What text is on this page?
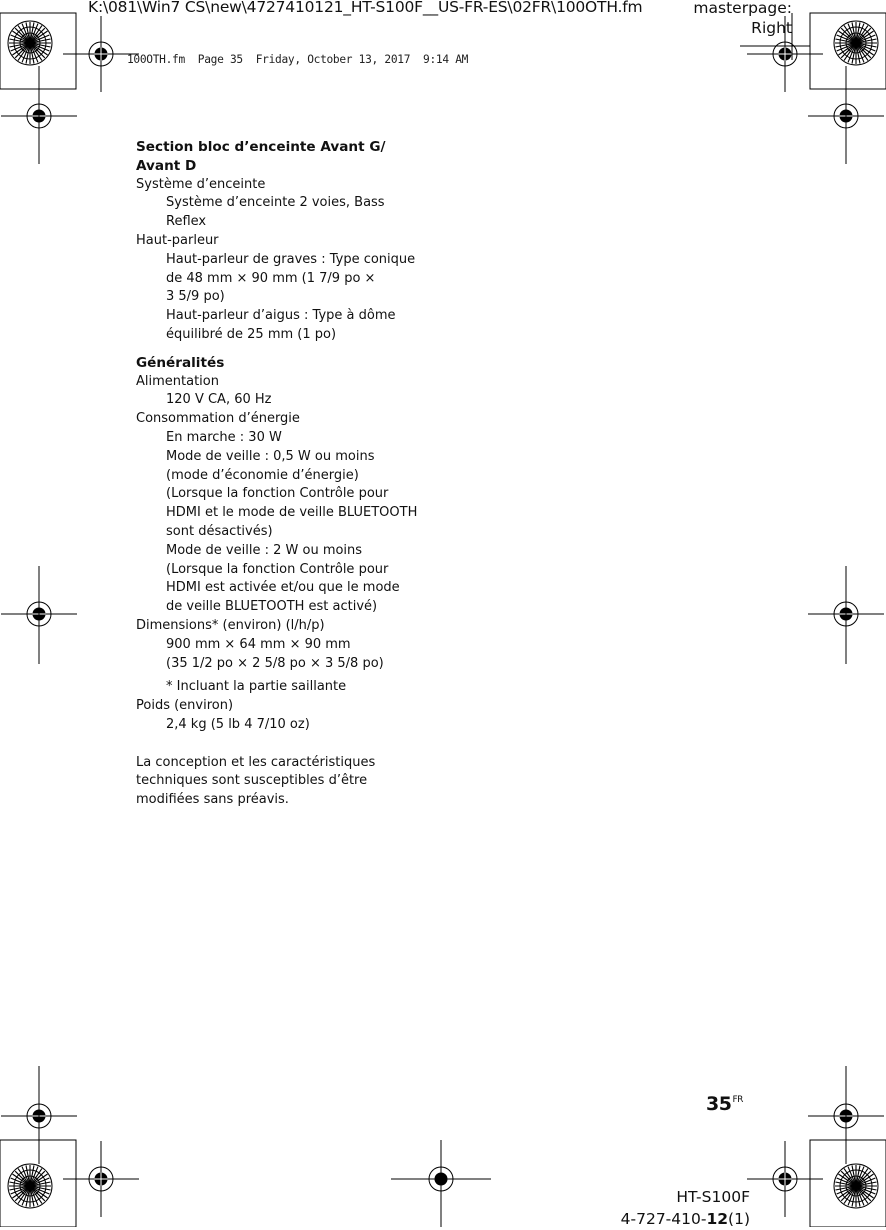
K:\081\Win7 CS\new\4727410121_HT-S100F__US-FR-ES\02FR\100OTH.fm	masterpage:
Right
100OTH.fm  Page 35  Friday, October 13, 2017  9:14 AM
Section bloc d’enceinte Avant G/
Avant D
Système d’enceinte
Système d’enceinte 2 voies, Bass
Reflex
Haut-parleur
Haut-parleur de graves : Type conique
de 48 mm × 90 mm (1 7/9 po ×
3 5/9 po)
Haut-parleur d’aigus : Type à dôme
équilibré de 25 mm (1 po)
Généralités
Alimentation
120 V CA, 60 Hz
Consommation d’énergie
En marche : 30 W
Mode de veille : 0,5 W ou moins
(mode d’économie d’énergie)
(Lorsque la fonction Contrôle pour
HDMI et le mode de veille BLUETOOTH
sont désactivés)
Mode de veille : 2 W ou moins
(Lorsque la fonction Contrôle pour
HDMI est activée et/ou que le mode
de veille BLUETOOTH est activé)
Dimensions* (environ) (l/h/p)
900 mm × 64 mm × 90 mm
(35 1/2 po × 2 5/8 po × 3 5/8 po)
* Incluant la partie saillante
Poids (environ)
2,4 kg (5 lb 4 7/10 oz)
La conception et les caractéristiques
techniques sont susceptibles d’être
modifiées sans préavis.
$35^{FR}$
HT-S100F
4-727-410-12(1)
